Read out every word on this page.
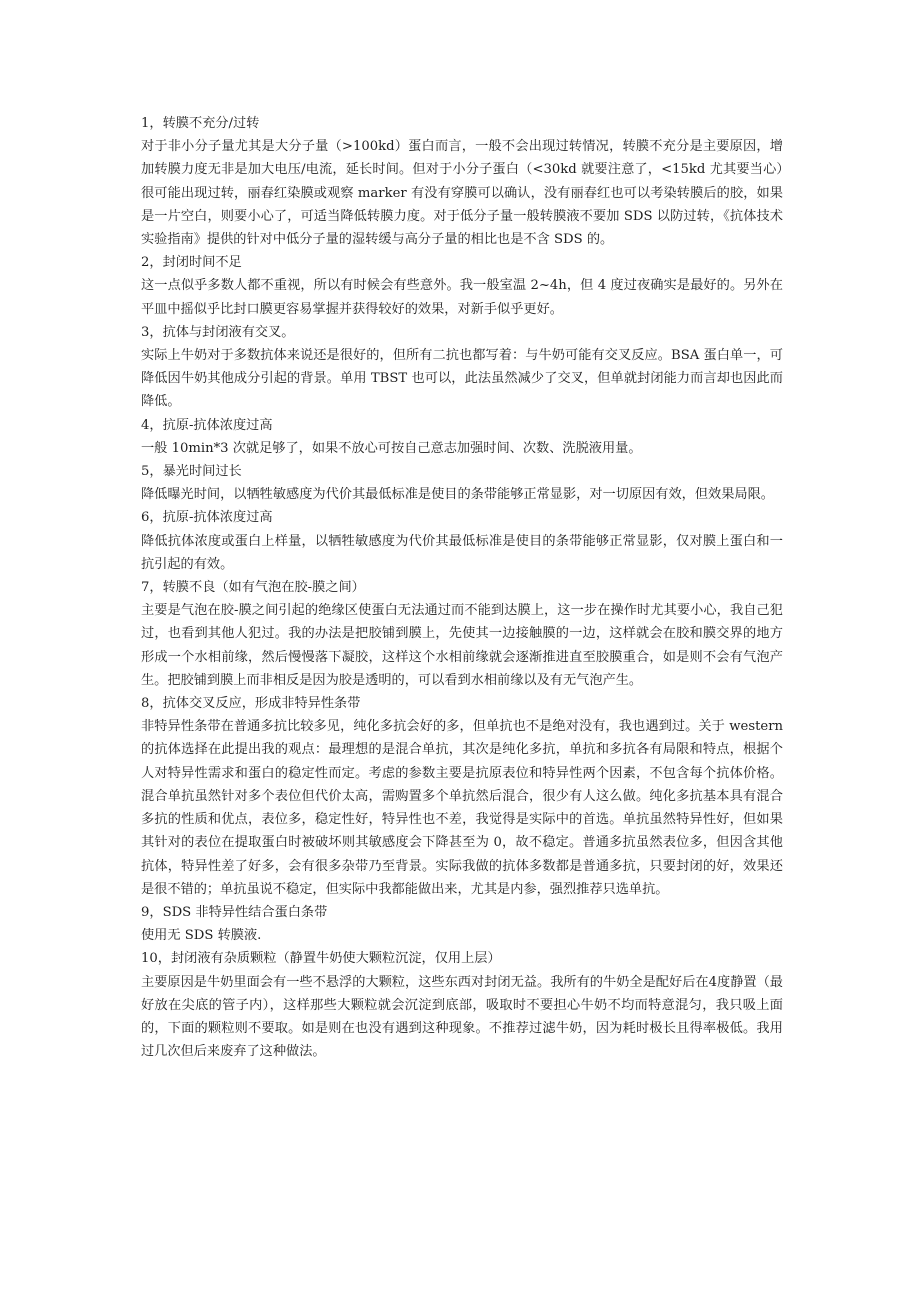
1，转膜不充分/过转

对于非小分子量尤其是大分子量（>100kd）蛋白而言，一般不会出现过转情况，转膜不充分是主要原因，增加转膜力度无非是加大电压/电流，延长时间。但对于小分子蛋白（<30kd 就要注意了，<15kd 尤其要当心）很可能出现过转，丽春红染膜或观察 marker 有没有穿膜可以确认，没有丽春红也可以考染转膜后的胶，如果是一片空白，则要小心了，可适当降低转膜力度。对于低分子量一般转膜液不要加 SDS 以防过转，《抗体技术实验指南》提供的针对中低分子量的湿转缓与高分子量的相比也是不含 SDS 的。

2，封闭时间不足

这一点似乎多数人都不重视，所以有时候会有些意外。我一般室温 2~4h，但 4 度过夜确实是最好的。另外在平皿中摇似乎比封口膜更容易掌握并获得较好的效果，对新手似乎更好。

3，抗体与封闭液有交叉。

实际上牛奶对于多数抗体来说还是很好的，但所有二抗也都写着：与牛奶可能有交叉反应。BSA 蛋白单一，可降低因牛奶其他成分引起的背景。单用 TBST 也可以，此法虽然减少了交叉，但单就封闭能力而言却也因此而降低。

4，抗原-抗体浓度过高

一般 10min*3 次就足够了，如果不放心可按自己意志加强时间、次数、洗脱液用量。

5，暴光时间过长

降低曝光时间，以牺牲敏感度为代价其最低标准是使目的条带能够正常显影，对一切原因有效，但效果局限。

6，抗原-抗体浓度过高

降低抗体浓度或蛋白上样量，以牺牲敏感度为代价其最低标准是使目的条带能够正常显影，仅对膜上蛋白和一抗引起的有效。

7，转膜不良（如有气泡在胶-膜之间）

主要是气泡在胶-膜之间引起的绝缘区使蛋白无法通过而不能到达膜上，这一步在操作时尤其要小心，我自己犯过，也看到其他人犯过。我的办法是把胶铺到膜上，先使其一边接触膜的一边，这样就会在胶和膜交界的地方形成一个水相前缘，然后慢慢落下凝胶，这样这个水相前缘就会逐渐推进直至胶膜重合，如是则不会有气泡产生。把胶铺到膜上而非相反是因为胶是透明的，可以看到水相前缘以及有无气泡产生。

8，抗体交叉反应，形成非特异性条带

非特异性条带在普通多抗比较多见，纯化多抗会好的多，但单抗也不是绝对没有，我也遇到过。关于 western 的抗体选择在此提出我的观点：最理想的是混合单抗，其次是纯化多抗，单抗和多抗各有局限和特点，根据个人对特异性需求和蛋白的稳定性而定。考虑的参数主要是抗原表位和特异性两个因素，不包含每个抗体价格。混合单抗虽然针对多个表位但代价太高，需购置多个单抗然后混合，很少有人这么做。纯化多抗基本具有混合多抗的性质和优点，表位多，稳定性好，特异性也不差，我觉得是实际中的首选。单抗虽然特异性好，但如果其针对的表位在提取蛋白时被破坏则其敏感度会下降甚至为 0，故不稳定。普通多抗虽然表位多，但因含其他抗体，特异性差了好多，会有很多杂带乃至背景。实际我做的抗体多数都是普通多抗，只要封闭的好，效果还是很不错的；单抗虽说不稳定，但实际中我都能做出来，尤其是内参，强烈推荐只选单抗。

9，SDS 非特异性结合蛋白条带

使用无 SDS 转膜液.

10，封闭液有杂质颗粒（静置牛奶使大颗粒沉淀，仅用上层）

主要原因是牛奶里面会有一些不悬浮的大颗粒，这些东西对封闭无益。我所有的牛奶全是配好后在4度静置（最好放在尖底的管子内），这样那些大颗粒就会沉淀到底部，吸取时不要担心牛奶不均而特意混匀，我只吸上面的，下面的颗粒则不要取。如是则在也没有遇到这种现象。不推荐过滤牛奶，因为耗时极长且得率极低。我用过几次但后来废弃了这种做法。
